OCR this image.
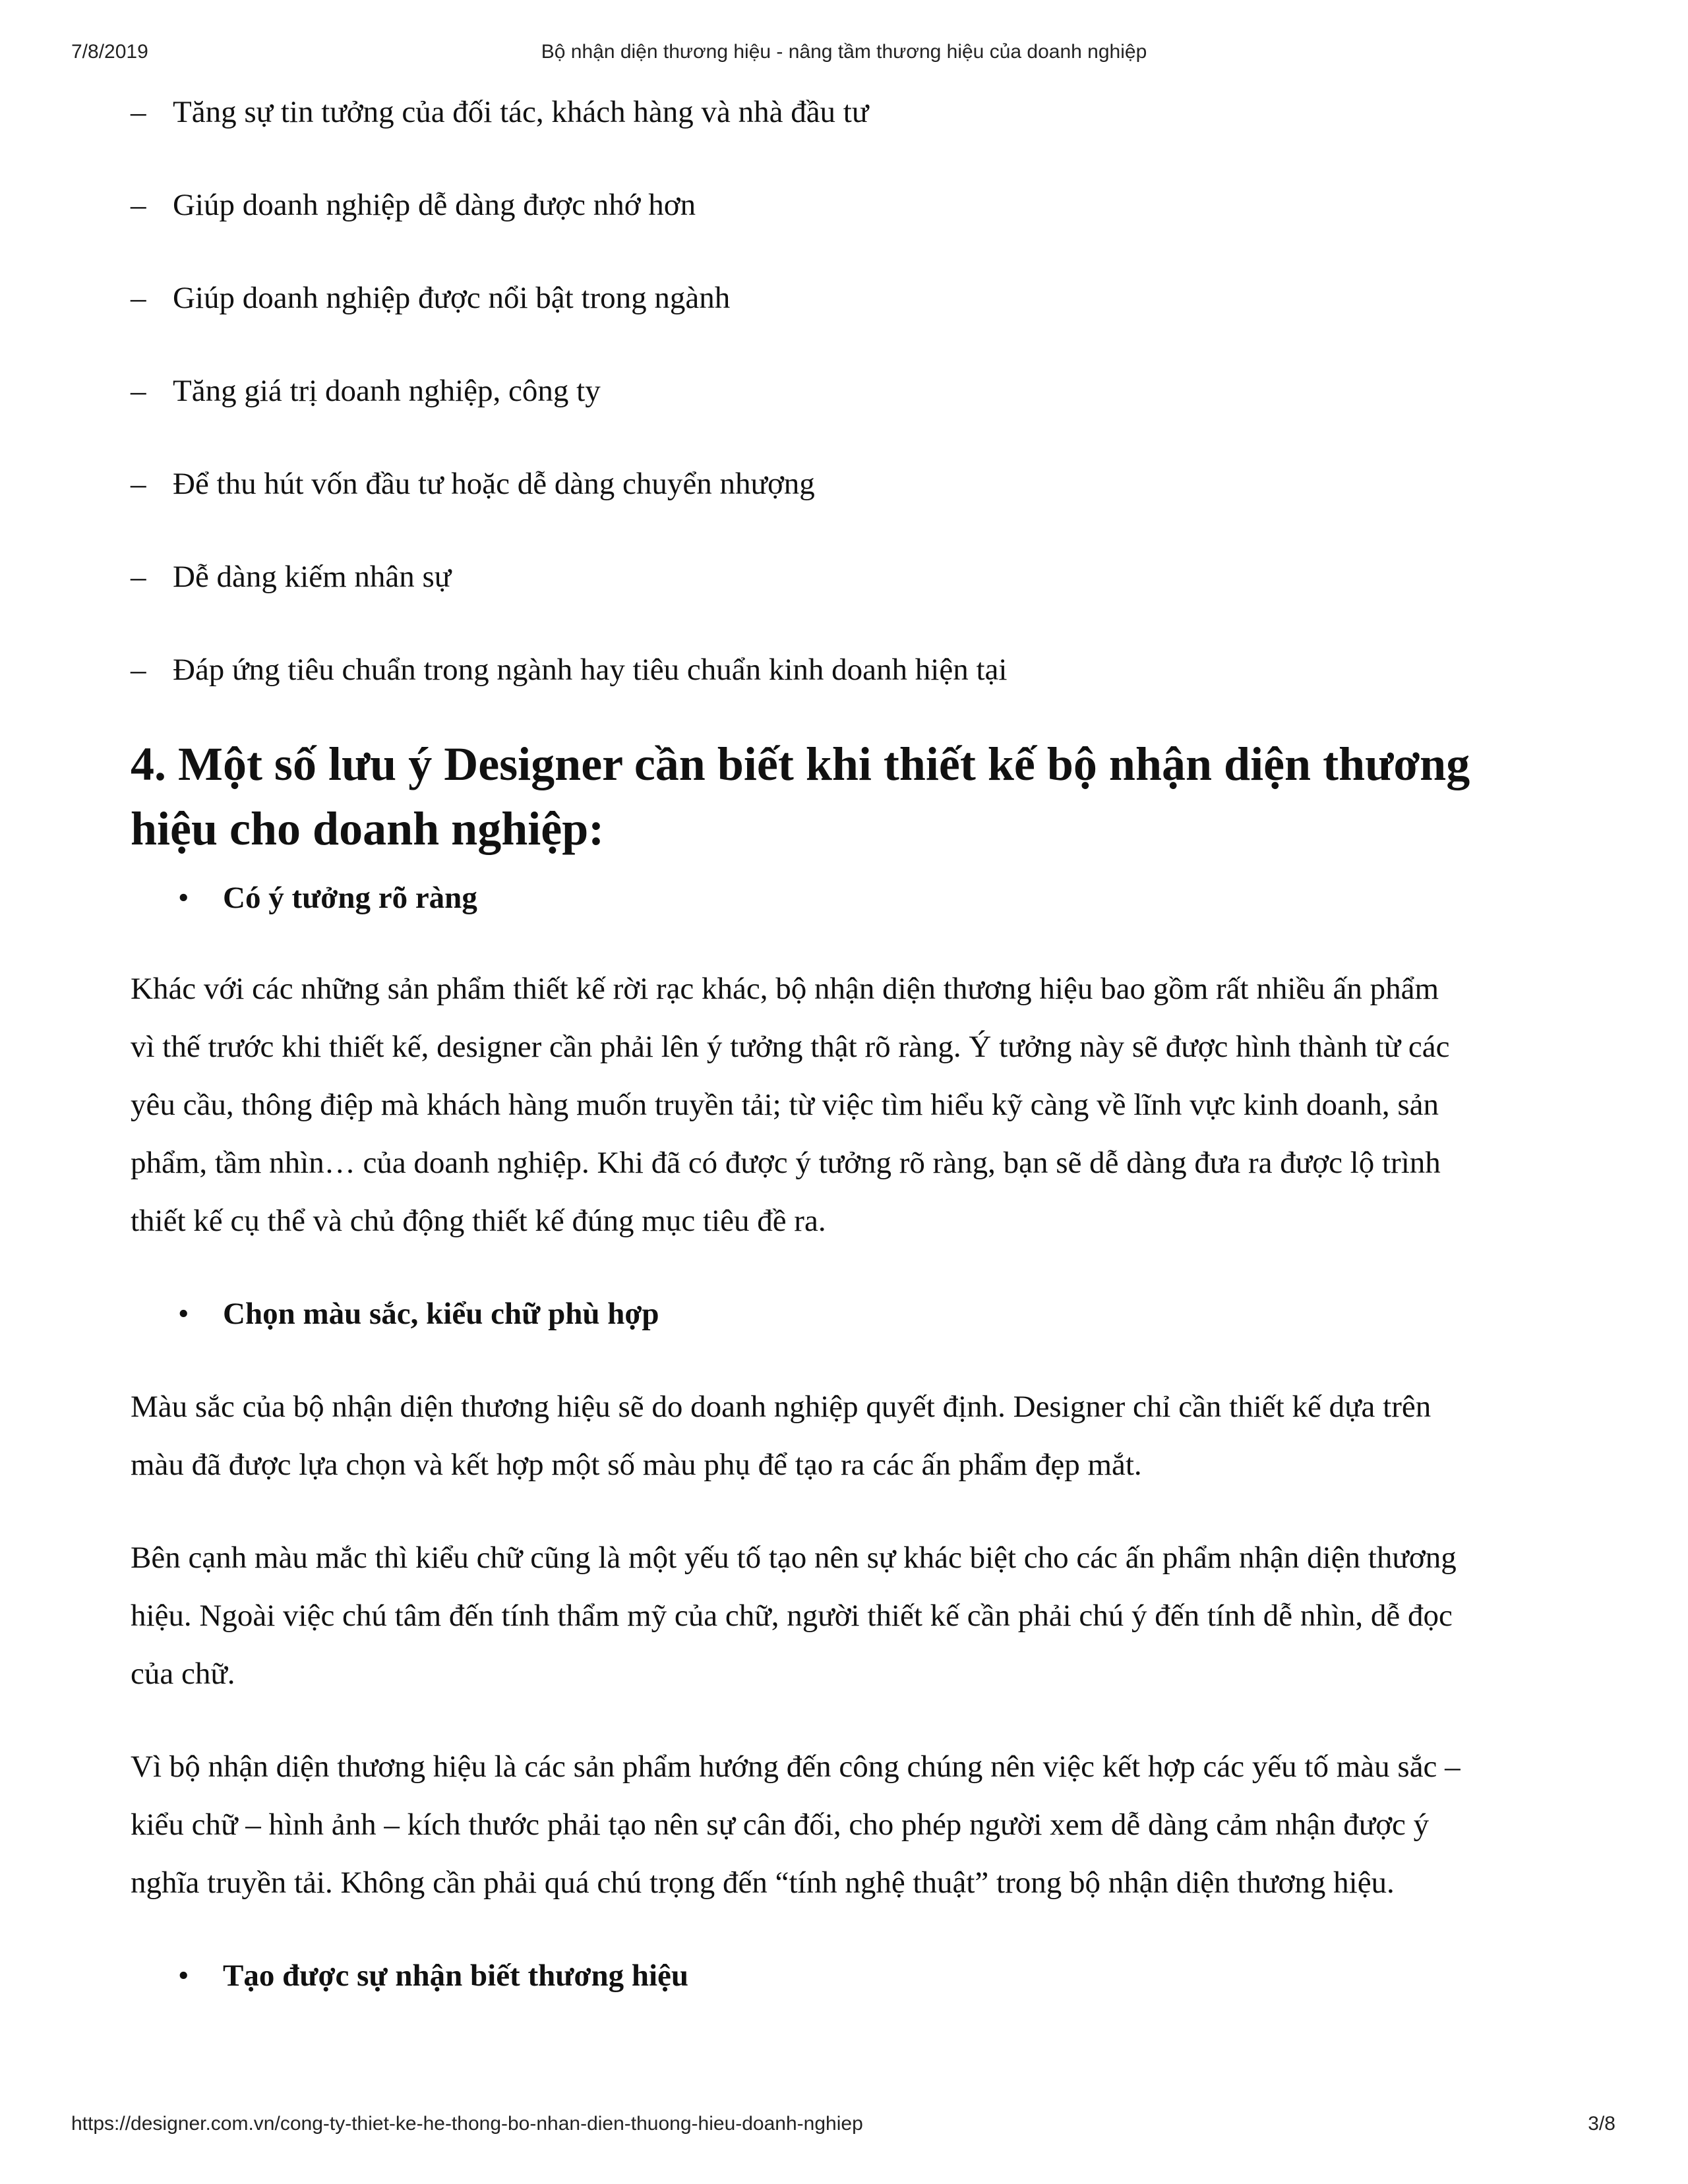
7/8/2019	Bộ nhận diện thương hiệu - nâng tầm thương hiệu của doanh nghiệp
– Tăng sự tin tưởng của đối tác, khách hàng và nhà đầu tư
– Giúp doanh nghiệp dễ dàng được nhớ hơn
– Giúp doanh nghiệp được nổi bật trong ngành
– Tăng giá trị doanh nghiệp, công ty
– Để thu hút vốn đầu tư hoặc dễ dàng chuyển nhượng
– Dễ dàng kiếm nhân sự
– Đáp ứng tiêu chuẩn trong ngành hay tiêu chuẩn kinh doanh hiện tại
4. Một số lưu ý Designer cần biết khi thiết kế bộ nhận diện thương
hiệu cho doanh nghiệp:
• Có ý tưởng rõ ràng

Khác với các những sản phẩm thiết kế rời rạc khác, bộ nhận diện thương hiệu bao gồm rất nhiều ấn phẩm
vì thế trước khi thiết kế, designer cần phải lên ý tưởng thật rõ ràng. Ý tưởng này sẽ được hình thành từ các
yêu cầu, thông điệp mà khách hàng muốn truyền tải; từ việc tìm hiểu kỹ càng về lĩnh vực kinh doanh, sản
phẩm, tầm nhìn… của doanh nghiệp. Khi đã có được ý tưởng rõ ràng, bạn sẽ dễ dàng đưa ra được lộ trình
thiết kế cụ thể và chủ động thiết kế đúng mục tiêu đề ra.

• Chọn màu sắc, kiểu chữ phù hợp

Màu sắc của bộ nhận diện thương hiệu sẽ do doanh nghiệp quyết định. Designer chỉ cần thiết kế dựa trên
màu đã được lựa chọn và kết hợp một số màu phụ để tạo ra các ấn phẩm đẹp mắt.

Bên cạnh màu mắc thì kiểu chữ cũng là một yếu tố tạo nên sự khác biệt cho các ấn phẩm nhận diện thương
hiệu. Ngoài việc chú tâm đến tính thẩm mỹ của chữ, người thiết kế cần phải chú ý đến tính dễ nhìn, dễ đọc
của chữ.

Vì bộ nhận diện thương hiệu là các sản phẩm hướng đến công chúng nên việc kết hợp các yếu tố màu sắc –
kiểu chữ – hình ảnh – kích thước phải tạo nên sự cân đối, cho phép người xem dễ dàng cảm nhận được ý
nghĩa truyền tải. Không cần phải quá chú trọng đến “tính nghệ thuật” trong bộ nhận diện thương hiệu.

• Tạo được sự nhận biết thương hiệu
https://designer.com.vn/cong-ty-thiet-ke-he-thong-bo-nhan-dien-thuong-hieu-doanh-nghiep	3/8
